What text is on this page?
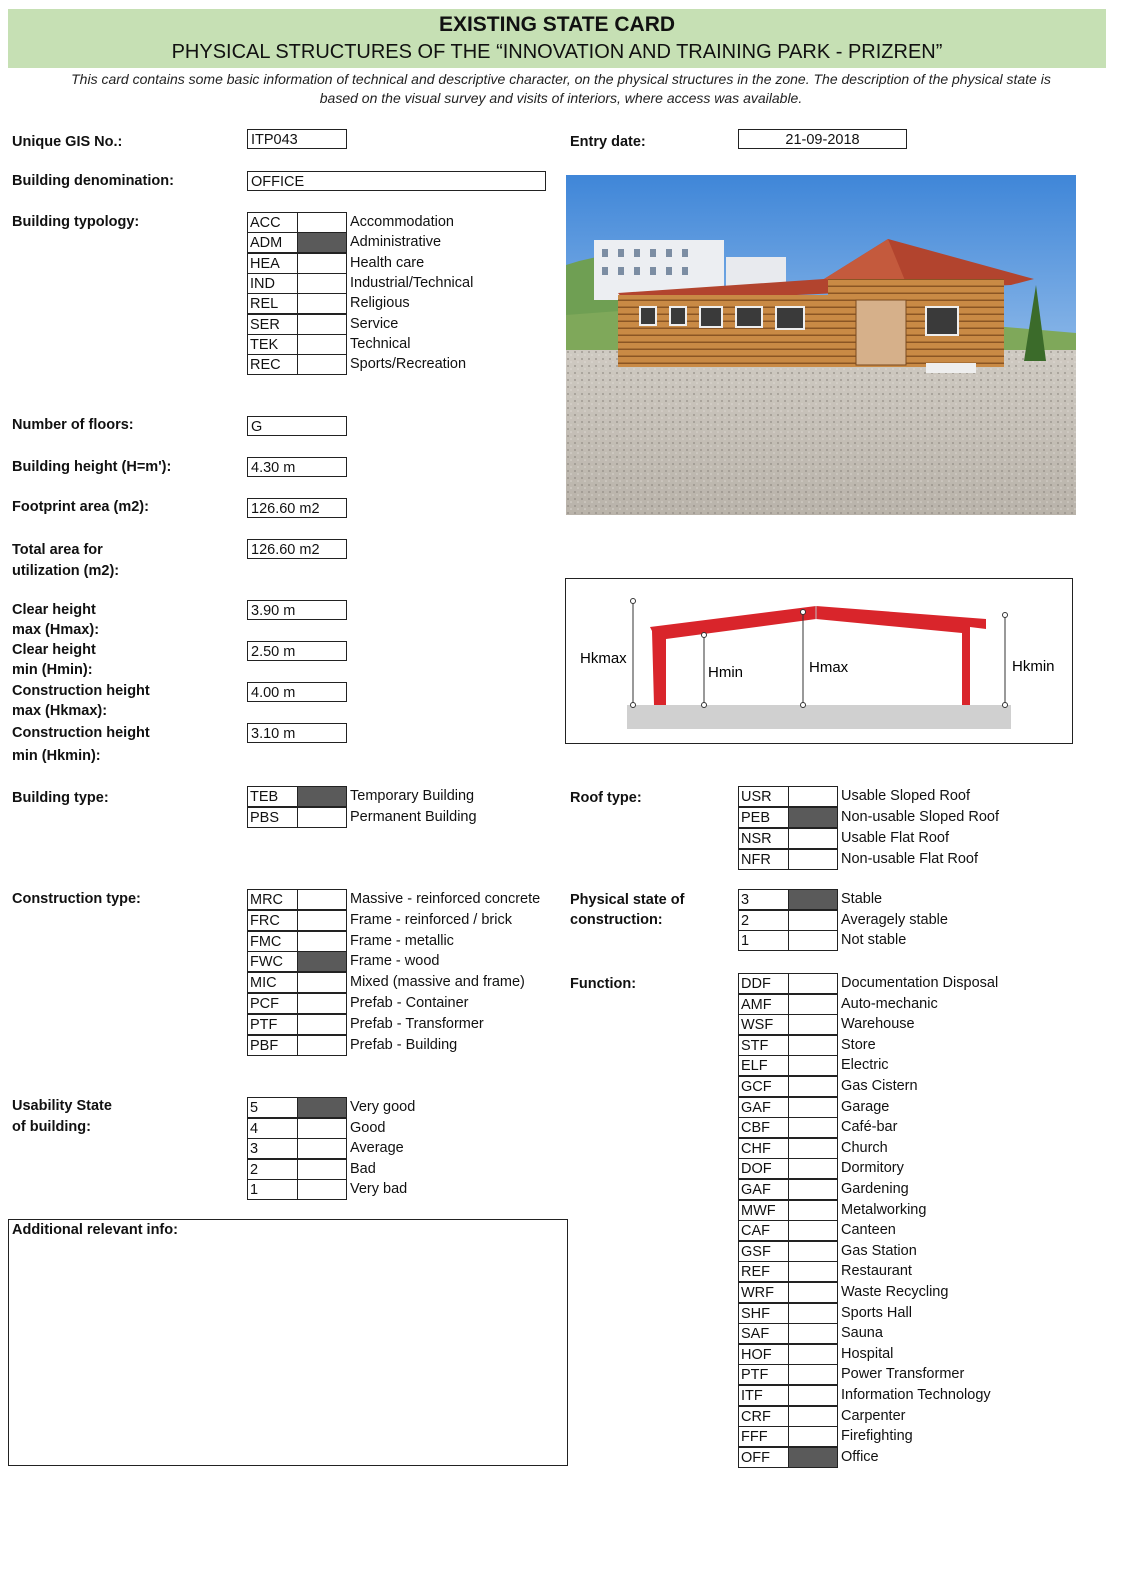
EXISTING STATE CARD
PHYSICAL STRUCTURES OF THE “INNOVATION AND TRAINING PARK - PRIZREN”
This card contains some basic information of technical and descriptive character, on the physical structures in the zone. The description of the physical state is
based on the visual survey and visits of interiors, where access was available.
Unique GIS No.:	ITP043	Entry date:	21-09-2018
Building denomination:	OFFICE
Building typology:	ACC	Accommodation
ADM	Administrative
HEA	Health care
IND	Industrial/Technical
REL	Religious
SER	Service
TEK	Technical
REC	Sports/Recreation
Number of floors:	G
Building height (H=m'):	4.30 m
Footprint area (m2):	126.60 m2
Total area for
utilization (m2):
126.60 m2
Clear height
max (Hmax):
3.90 m
Clear height
min (Hmin):
2.50 m
Construction height
max (Hkmax):
4.00 m
Construction height
min (Hkmin):
3.10 m
Hkmax
Hmin	Hmax	Hkmin
Building type:	TEB	Temporary Building
PBS	Permanent Building
Roof type:	USR	Usable Sloped Roof
PEB	Non-usable Sloped Roof
NSR	Usable Flat Roof
NFR	Non-usable Flat Roof
Construction type:	MRC	Massive - reinforced concrete
FRC	Frame - reinforced / brick
FMC	Frame - metallic
FWC	Frame - wood
MIC	Mixed (massive and frame)
PCF	Prefab - Container
PTF	Prefab - Transformer
PBF	Prefab - Building
Physical state of
construction:
3	Stable
2	Averagely stable
1	Not stable
Function:	DDF	Documentation Disposal
AMF	Auto-mechanic
WSF	Warehouse
STF	Store
ELF	Electric
GCF	Gas Cistern
GAF	Garage
CBF	Café-bar
CHF	Church
DOF	Dormitory
GAF	Gardening
MWF	Metalworking
CAF	Canteen
GSF	Gas Station
REF	Restaurant
WRF	Waste Recycling
SHF	Sports Hall
SAF	Sauna
HOF	Hospital
PTF	Power Transformer
ITF	Information Technology
CRF	Carpenter
FFF	Firefighting
OFF	Office
Usability State
of building:
5	Very good
4	Good
3	Average
2	Bad
1	Very bad
Additional relevant info:
